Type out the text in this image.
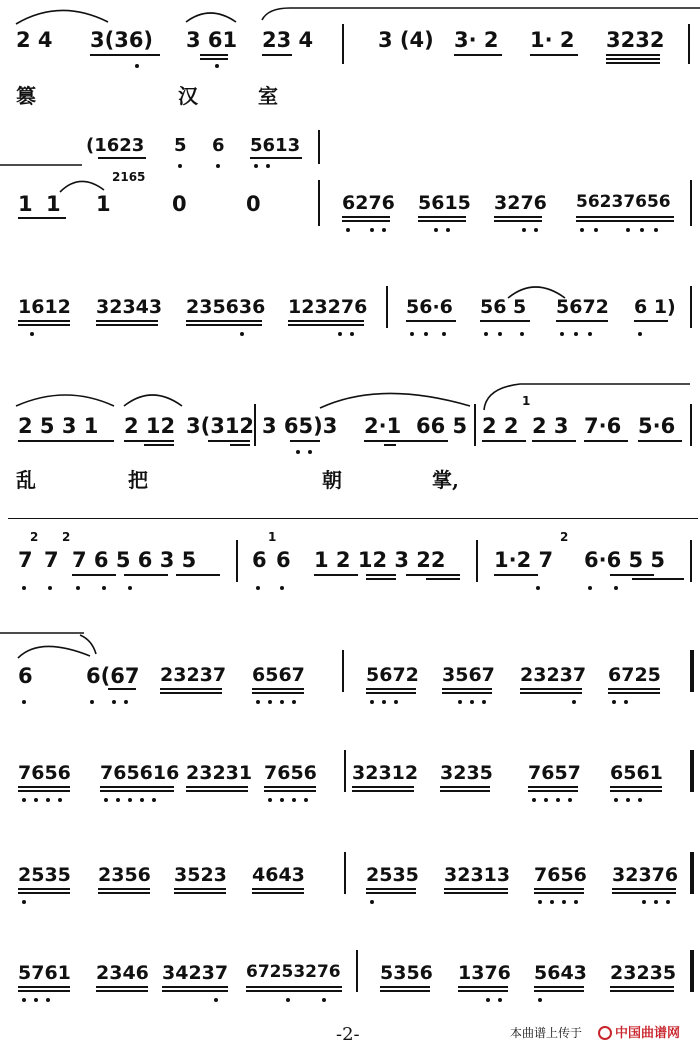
2 4 3(36) 3 61 23 4	3 (4) 3· 2 1· 2 3232
篡	汉	室
(1623 5 6 5613
2165
1 1 1	0	0	6276 5615 3276 56237656
1612 32343 235636 123276 56·6 56 5 5672 6 1)
2 5 3 1 2 12 3(312 3 65)3 2·1 66 5 2 2
1
2 3 7·6 5·6
乱	把	朝	掌,
2 2
7 7 7 6 5 6 3 5
1
6 6 1 2 12 3 22
2
1·2 7 6·6 5 5
6	6(67 23237 6567	5672 3567 23237 6725
7656 765616 23231 7656 32312 3235 7657 6561
2535 2356 3523 4643	2535 32313 7656 32376
5761 2346 34237 67253276 5356 1376 5643 23235
-2-	本曲谱上传于	中国曲谱网
